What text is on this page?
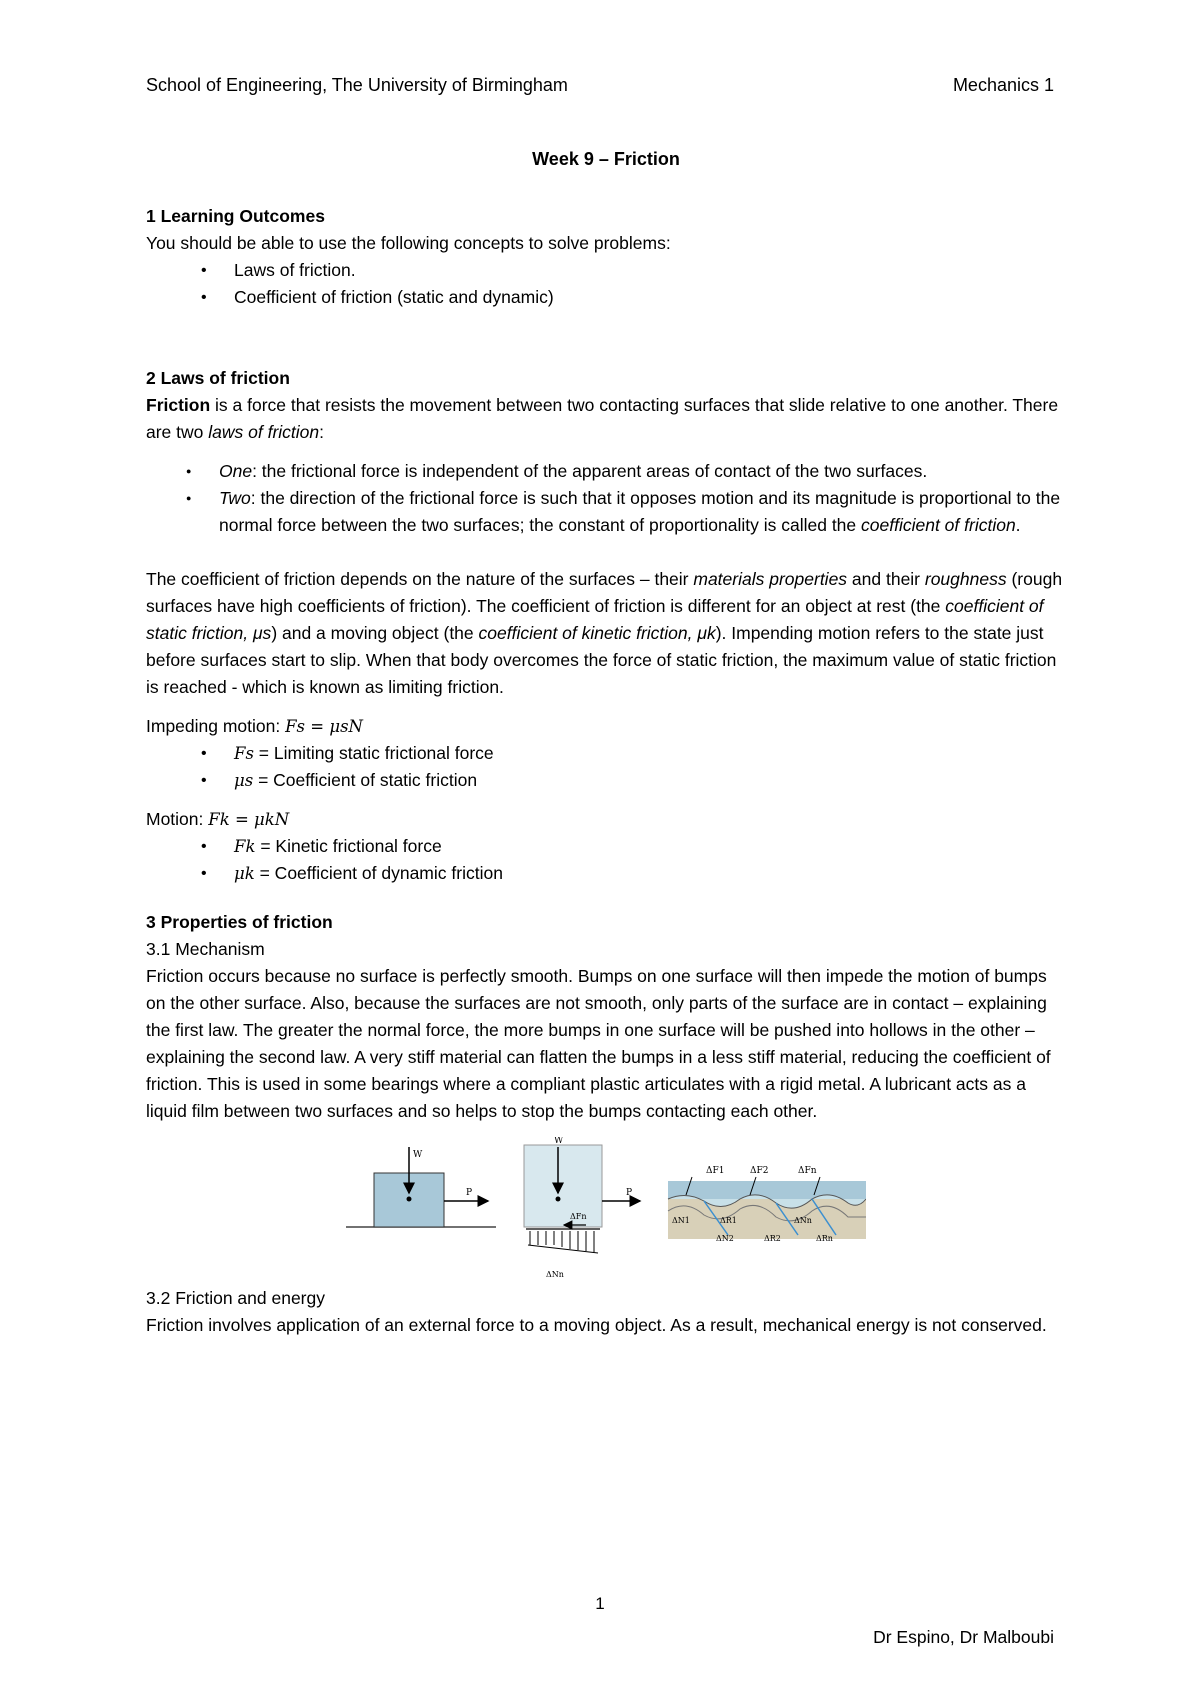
School of Engineering, The University of Birmingham	Mechanics 1
Week 9 – Friction
1 Learning Outcomes

You should be able to use the following concepts to solve problems:

• Laws of friction.
• Coefficient of friction (static and dynamic)
2 Laws of friction

Friction is a force that resists the movement between two contacting surfaces that slide relative to one another. There are two laws of friction:

● One: the frictional force is independent of the apparent areas of contact of the two surfaces.
● Two: the direction of the frictional force is such that it opposes motion and its magnitude is proportional to the normal force between the two surfaces; the constant of proportionality is called the coefficient of friction.

The coefficient of friction depends on the nature of the surfaces – their materials properties and their roughness (rough surfaces have high coefficients of friction). The coefficient of friction is different for an object at rest (the coefficient of static friction, μs) and a moving object (the coefficient of kinetic friction, μk). Impending motion refers to the state just before surfaces start to slip. When that body overcomes the force of static friction, the maximum value of static friction is reached - which is known as limiting friction.

Impeding motion: Fs = μsN

• Fs = Limiting static frictional force
• μs = Coefficient of static friction

Motion: Fk = μkN

• Fk = Kinetic frictional force
• μk = Coefficient of dynamic friction
3 Properties of friction
3.1 Mechanism

Friction occurs because no surface is perfectly smooth. Bumps on one surface will then impede the motion of bumps on the other surface. Also, because the surfaces are not smooth, only parts of the surface are in contact – explaining the first law. The greater the normal force, the more bumps in one surface will be pushed into hollows in the other – explaining the second law. A very stiff material can flatten the bumps in a less stiff material, reducing the coefficient of friction. This is used in some bearings where a compliant plastic articulates with a rigid metal. A lubricant acts as a liquid film between two surfaces and so helps to stop the bumps contacting each other.

W
P
W
P
ΔFn
ΔNn
ΔF1	ΔF2	ΔFn
ΔN1
ΔN2
ΔNn
ΔR1
ΔR2	ΔRn
3.2 Friction and energy

Friction involves application of an external force to a moving object. As a result, mechanical energy is not conserved.

1
Dr Espino, Dr Malboubi
